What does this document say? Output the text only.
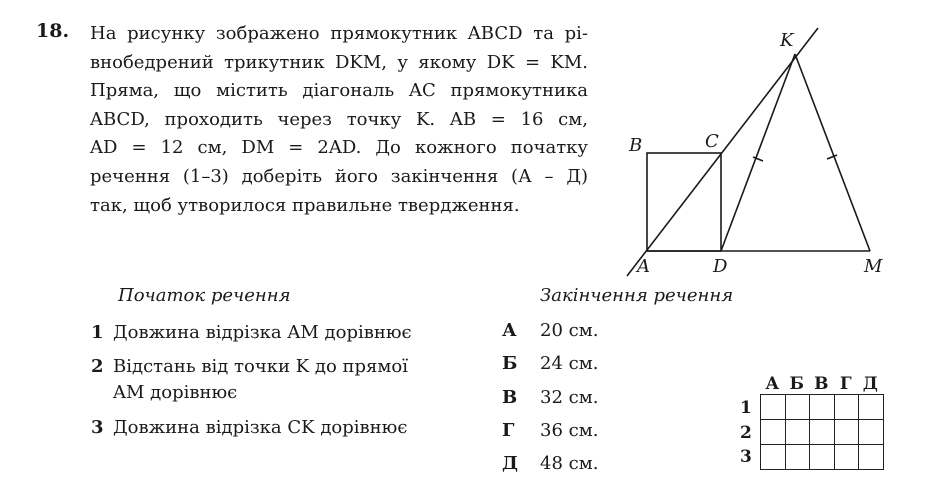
18. На рисунку зображено прямокутник ABCD та рі-
внобедрений трикутник DKM, у якому DK = KM.
Пряма, що містить діагональ AC прямокутника
ABCD, проходить через точку K. AB = 16 см,
AD = 12 см, DM = 2AD. До кожного початку
речення (1–3) доберіть його закінчення (А – Д)
так, щоб утворилося правильне твердження.
A
B	C
D
K
M
Початок речення
1 Довжина відрізка AM дорівнює
2 Відстань від точки K до прямої
AM дорівнює
3 Довжина відрізка CK дорівнює
Закінчення речення
А 20 см.
Б 24 см.
В 32 см.
Г 36 см.
Д 48 см.
А Б В Г Д
1
2
3
